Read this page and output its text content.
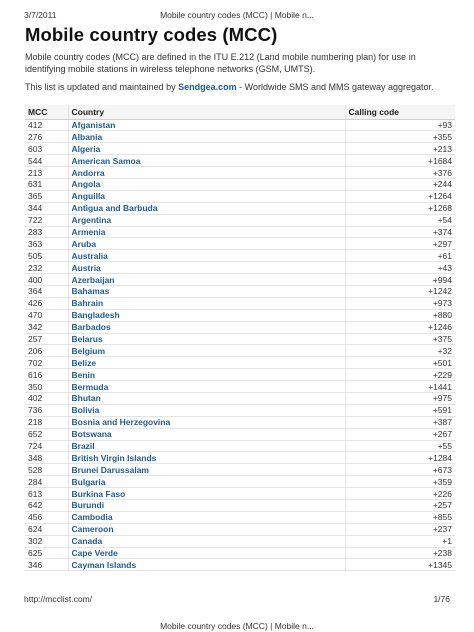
3/7/2011	Mobile country codes (MCC) | Mobile n...
Mobile country codes (MCC)

Mobile country codes (MCC) are defined in the ITU E.212 (Land mobile numbering plan) for use in identifying mobile stations in wireless telephone networks (GSM, UMTS).

This list is updated and maintained by Sendgea.com - Worldwide SMS and MMS gateway aggregator.

MCC	Country	Calling code
412	Afganistan	+93
276	Albania	+355
603	Algeria	+213
544	American Samoa	+1684
213	Andorra	+376
631	Angola	+244
365	Anguilla	+1264
344	Antigua and Barbuda	+1268
722	Argentina	+54
283	Armenia	+374
363	Aruba	+297
505	Australia	+61
232	Austria	+43
400	Azerbaijan	+994
364	Bahamas	+1242
426	Bahrain	+973
470	Bangladesh	+880
342	Barbados	+1246
257	Belarus	+375
206	Belgium	+32
702	Belize	+501
616	Benin	+229
350	Bermuda	+1441
402	Bhutan	+975
736	Bolivia	+591
218	Bosnia and Herzegovina	+387
652	Botswana	+267
724	Brazil	+55
348	British Virgin Islands	+1284
528	Brunei Darussalam	+673
284	Bulgaria	+359
613	Burkina Faso	+226
642	Burundi	+257
456	Cambodia	+855
624	Cameroon	+237
302	Canada	+1
625	Cape Verde	+238
346	Cayman Islands	+1345
http://mcclist.com/	1/76
Mobile country codes (MCC) | Mobile n...
